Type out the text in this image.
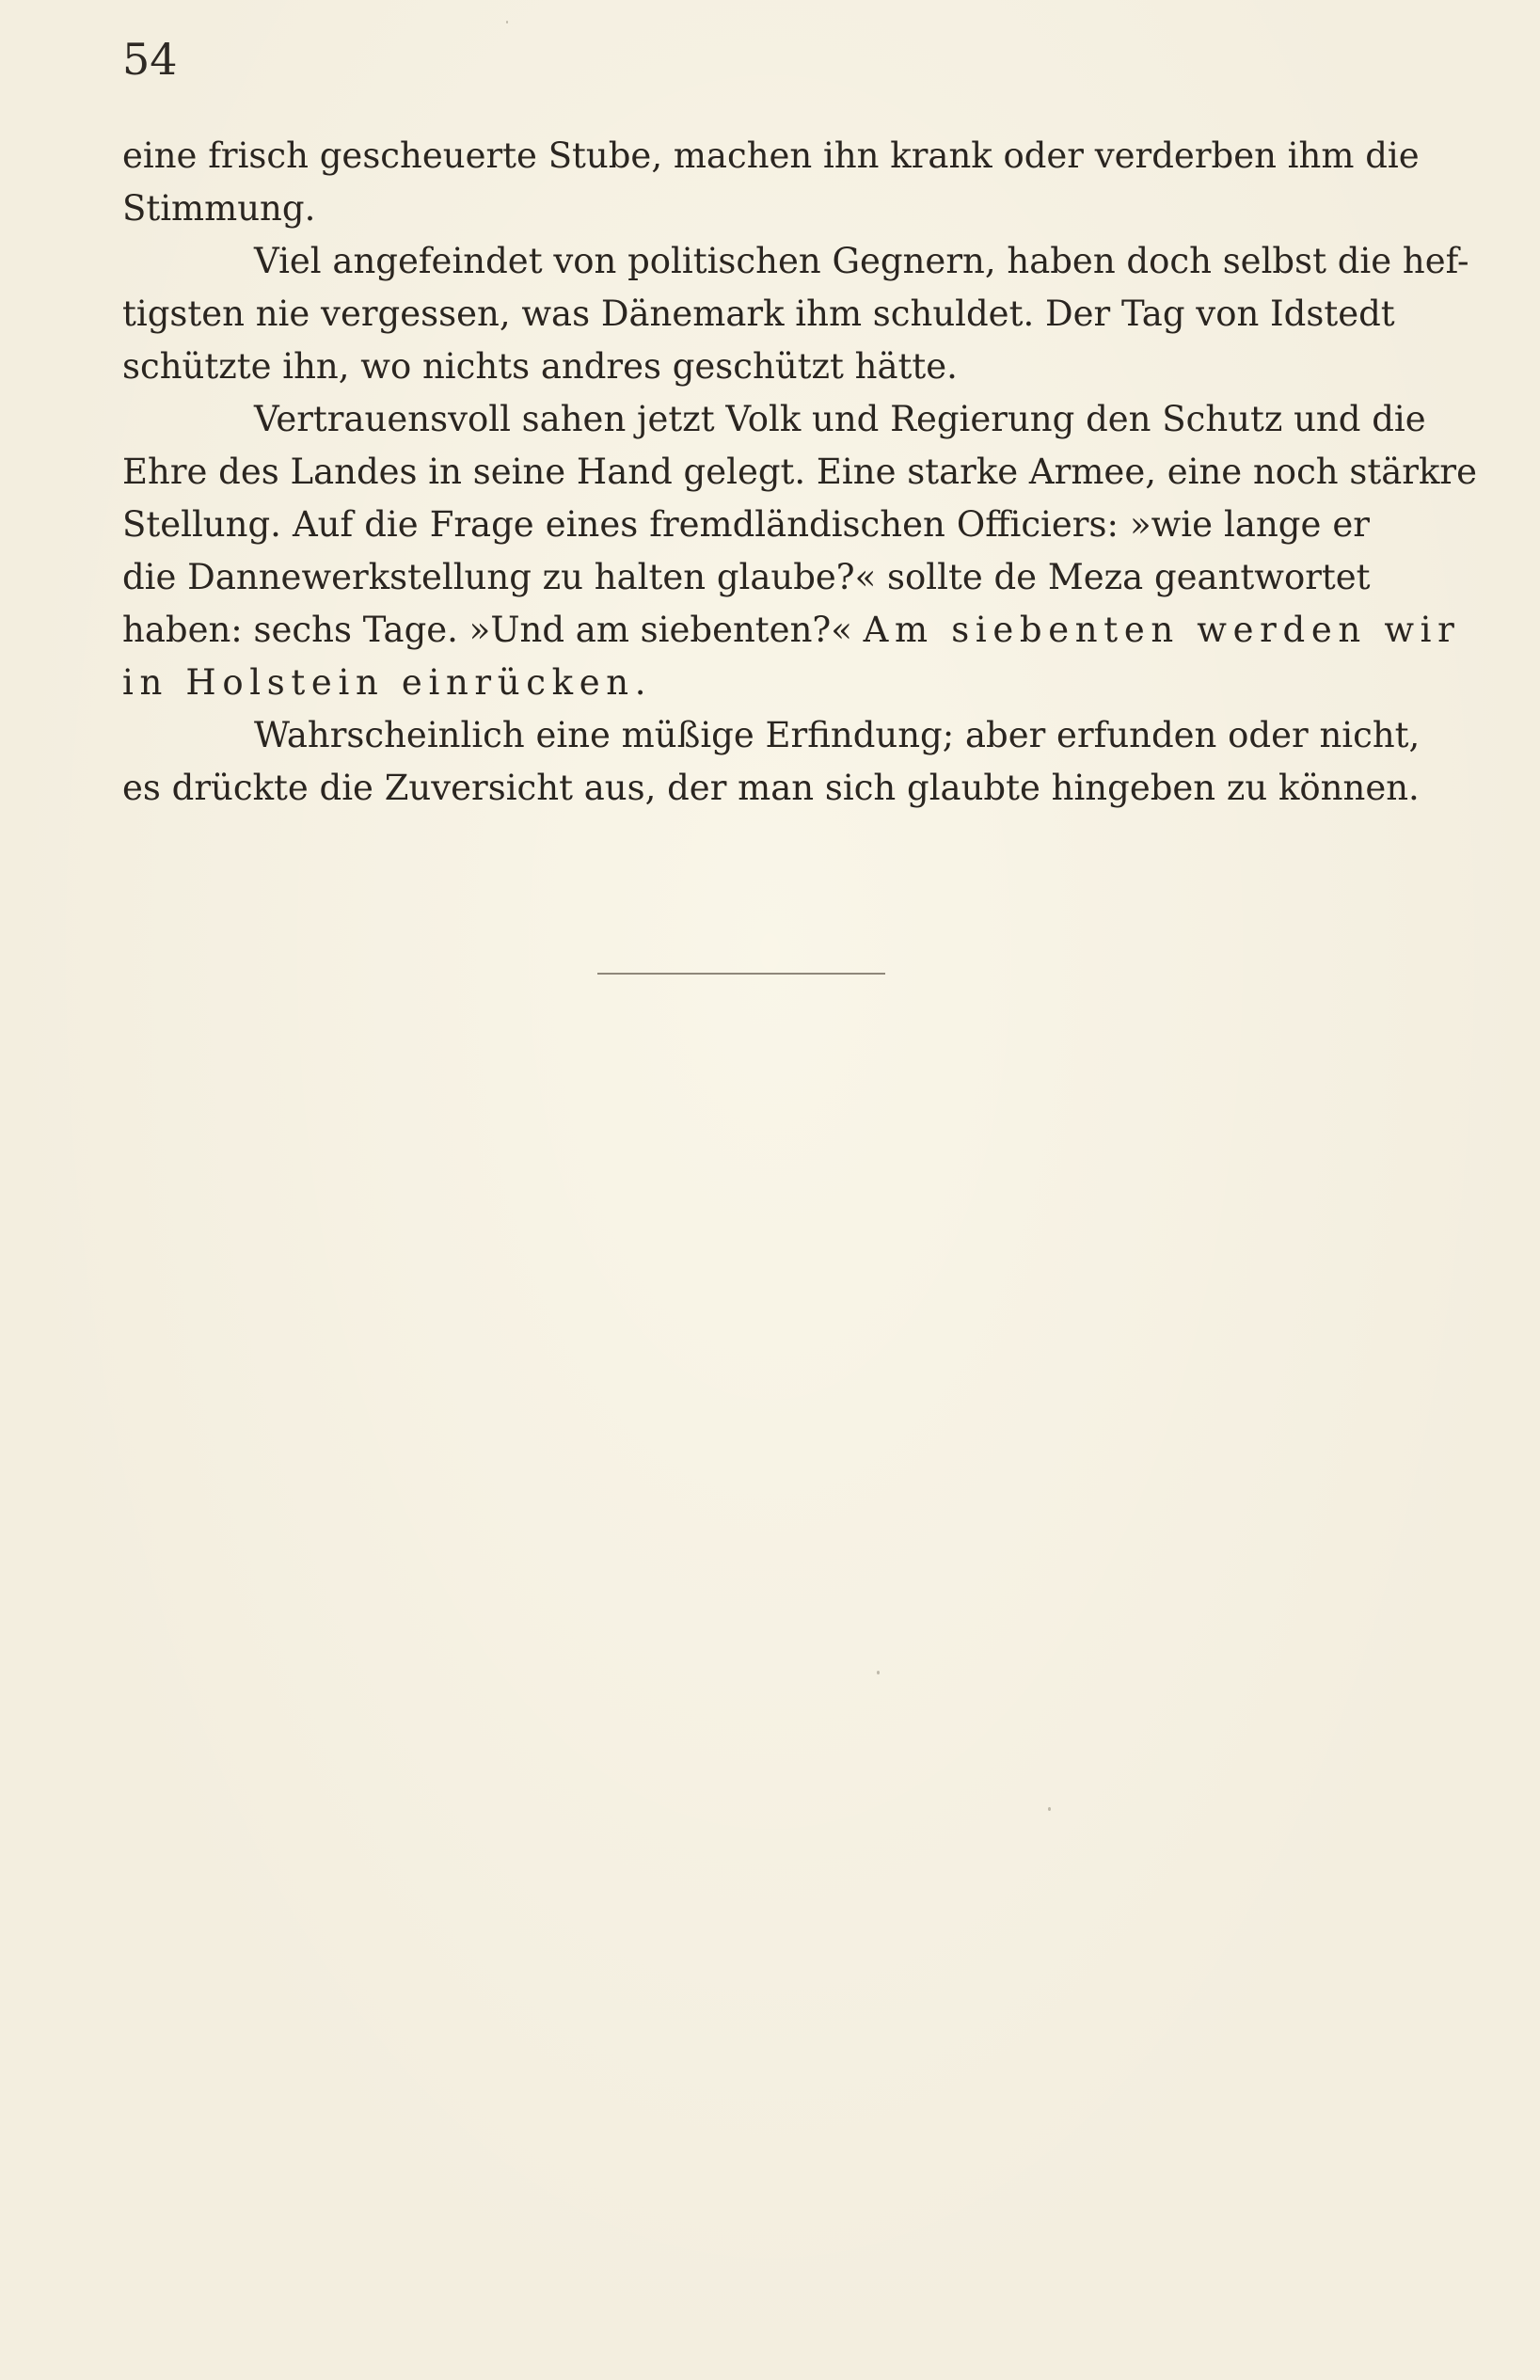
54
eine frisch gescheuerte Stube, machen ihn krank oder verderben ihm die
Stimmung.
Viel angefeindet von politischen Gegnern, haben doch selbst die hef-
tigsten nie vergessen, was Dänemark ihm schuldet. Der Tag von Idstedt
schützte ihn, wo nichts andres geschützt hätte.
Vertrauensvoll sahen jetzt Volk und Regierung den Schutz und die
Ehre des Landes in seine Hand gelegt. Eine starke Armee, eine noch stärkre
Stellung. Auf die Frage eines fremdländischen Officiers: »wie lange er
die Dannewerkstellung zu halten glaube?« sollte de Meza geantwortet
haben: sechs Tage. »Und am siebenten?« Am siebenten werden wir
in Holstein einrücken.
Wahrscheinlich eine müßige Erfindung; aber erfunden oder nicht,
es drückte die Zuversicht aus, der man sich glaubte hingeben zu können.
